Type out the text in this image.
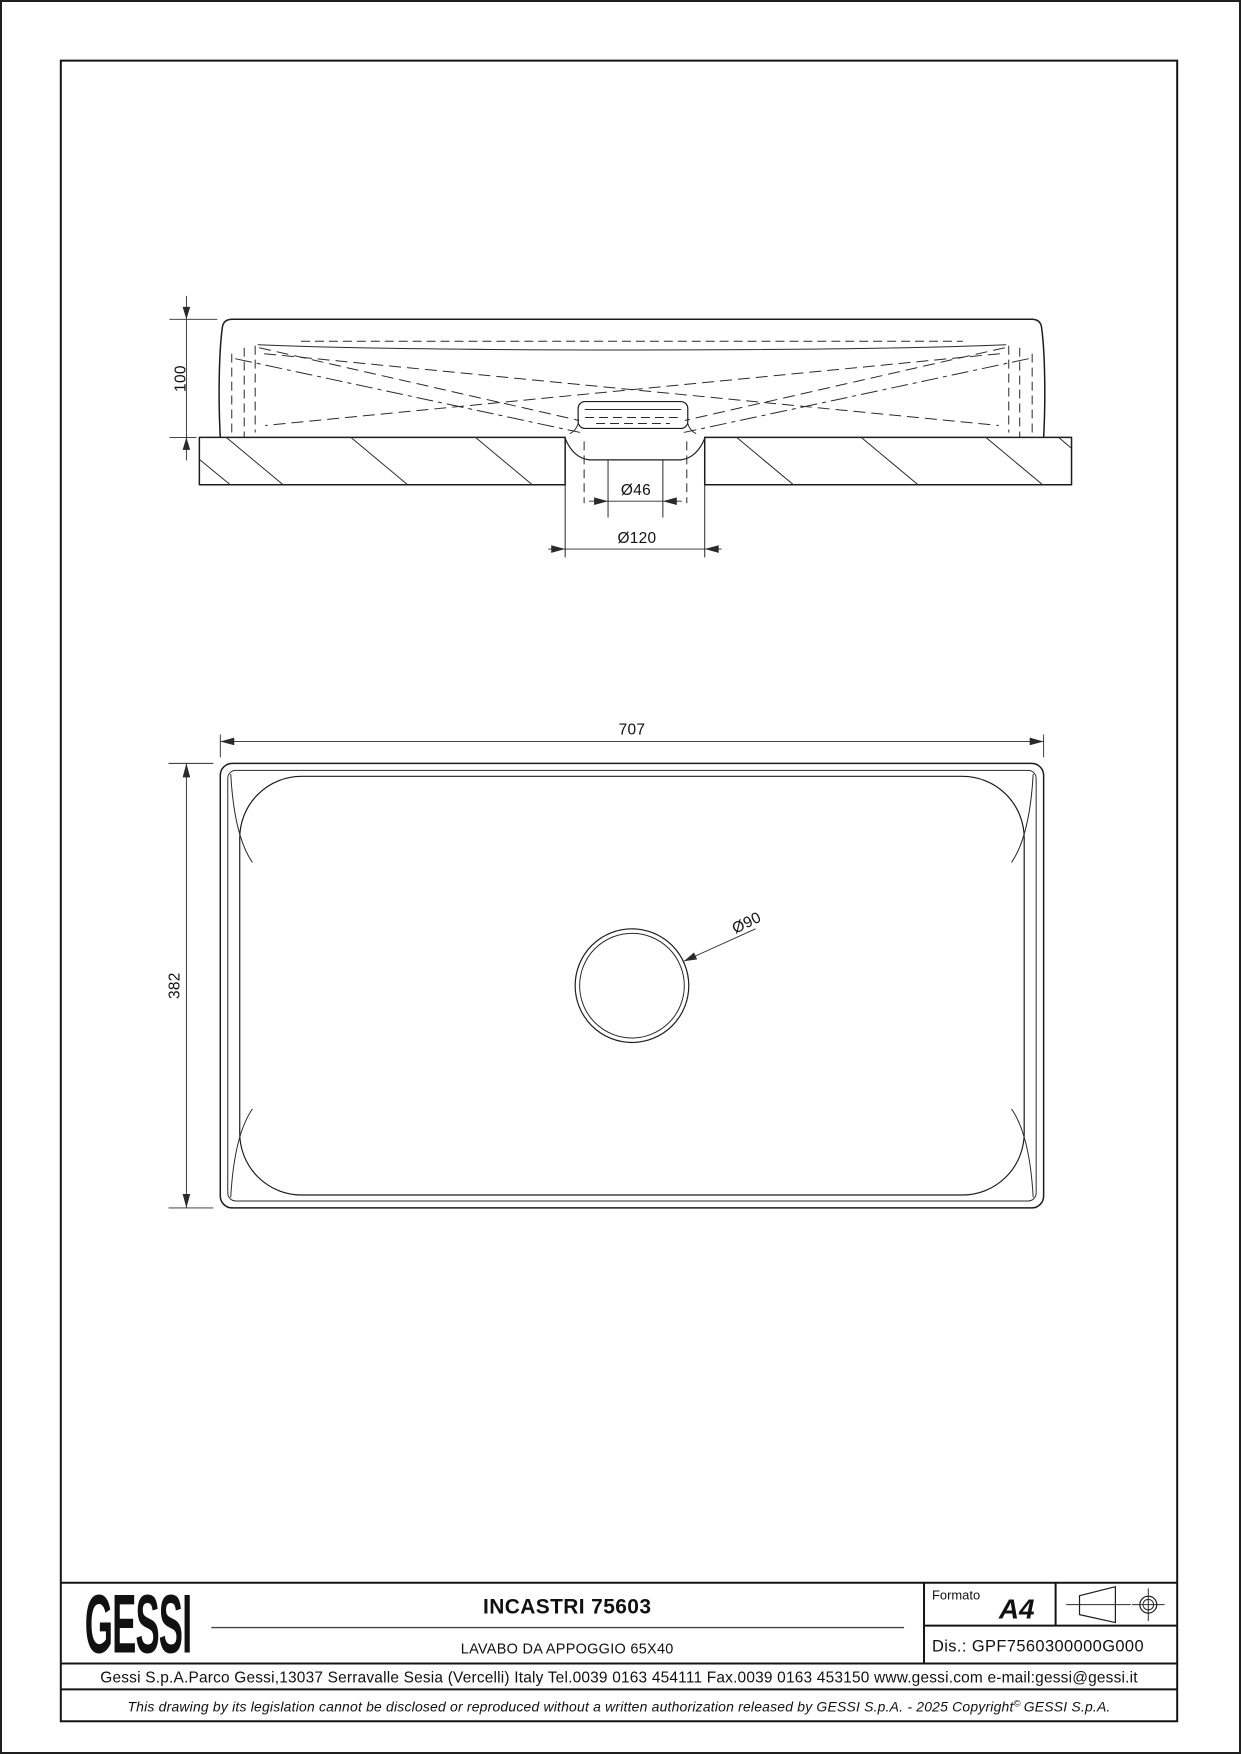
100
Ø46
Ø120
Ø90
707
382
GESSI	INCASTRI 75603
LAVABO DA APPOGGIO 65X40
Formato A4
Dis.: GPF7560300000G000
Gessi S.p.A.Parco Gessi,13037 Serravalle Sesia (Vercelli) Italy Tel.0039 0163 454111 Fax.0039 0163 453150 www.gessi.com e-mail:gessi@gessi.it
This drawing by its legislation cannot be disclosed or reproduced without a written authorization released by GESSI S.p.A. - 2025 Copyright© GESSI S.p.A.
